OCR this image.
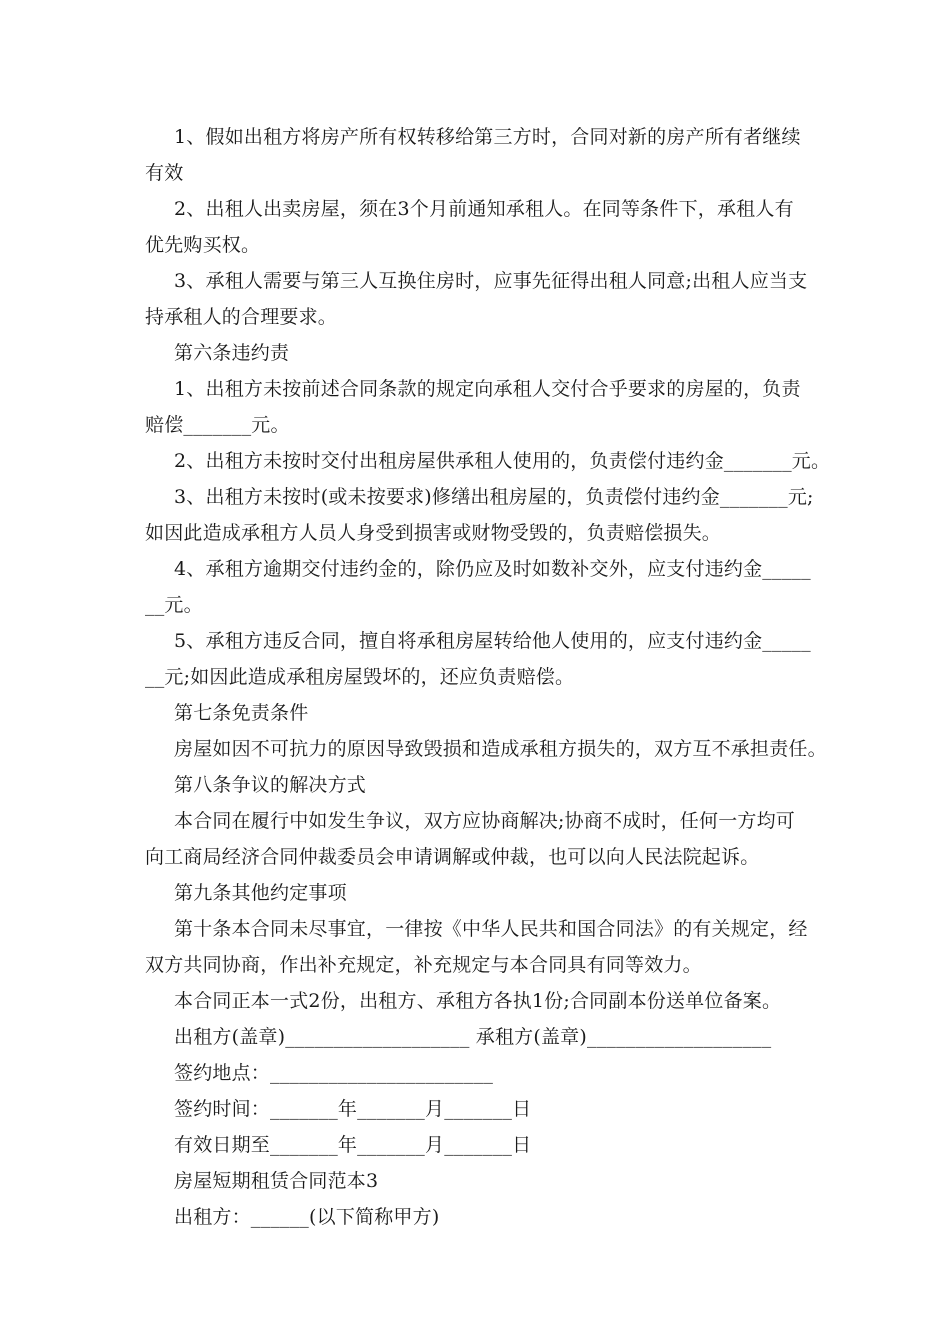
1、假如出租方将房产所有权转移给第三方时，合同对新的房产所有者继续
有效
2、出租人出卖房屋，须在3个月前通知承租人。在同等条件下，承租人有
优先购买权。
3、承租人需要与第三人互换住房时，应事先征得出租人同意;出租人应当支
持承租人的合理要求。
第六条违约责
1、出租方未按前述合同条款的规定向承租人交付合乎要求的房屋的，负责
赔偿_______元。
2、出租方未按时交付出租房屋供承租人使用的，负责偿付违约金_______元。
3、出租方未按时(或未按要求)修缮出租房屋的，负责偿付违约金_______元;
如因此造成承租方人员人身受到损害或财物受毁的，负责赔偿损失。
4、承租方逾期交付违约金的，除仍应及时如数补交外，应支付违约金_____
__元。
5、承租方违反合同，擅自将承租房屋转给他人使用的，应支付违约金_____
__元;如因此造成承租房屋毁坏的，还应负责赔偿。
第七条免责条件
房屋如因不可抗力的原因导致毁损和造成承租方损失的，双方互不承担责任。
第八条争议的解决方式
本合同在履行中如发生争议，双方应协商解决;协商不成时，任何一方均可
向工商局经济合同仲裁委员会申请调解或仲裁，也可以向人民法院起诉。
第九条其他约定事项
第十条本合同未尽事宜，一律按《中华人民共和国合同法》的有关规定，经
双方共同协商，作出补充规定，补充规定与本合同具有同等效力。
本合同正本一式2份，出租方、承租方各执1份;合同副本份送单位备案。
出租方(盖章)___________________ 承租方(盖章)___________________
签约地点：_______________________
签约时间：_______年_______月_______日
有效日期至_______年_______月_______日
房屋短期租赁合同范本3
出租方：______(以下简称甲方)
